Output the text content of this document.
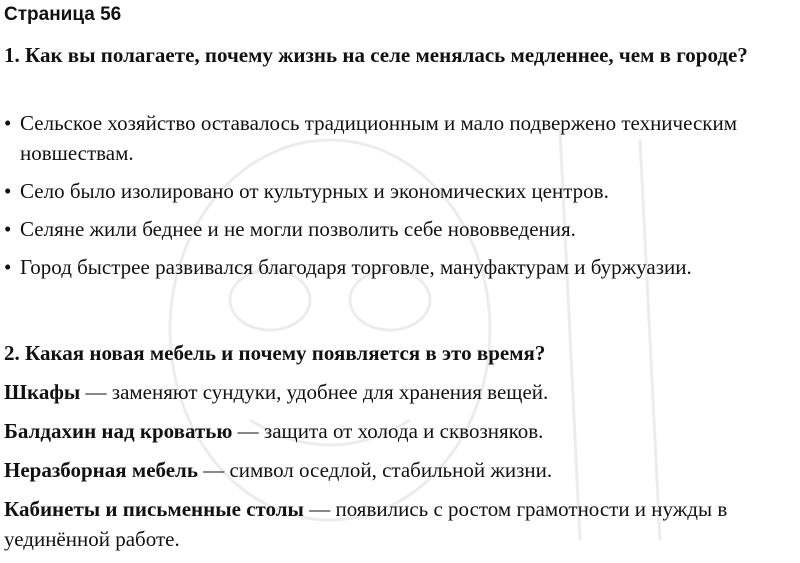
Страница 56
1. Как вы полагаете, почему жизнь на селе менялась медленнее, чем в городе?
• Сельское хозяйство оставалось традиционным и мало подвержено техническим новшествам.
• Село было изолировано от культурных и экономических центров.
• Селяне жили беднее и не могли позволить себе нововведения.
• Город быстрее развивался благодаря торговле, мануфактурам и буржуазии.
2. Какая новая мебель и почему появляется в это время?
Шкафы — заменяют сундуки, удобнее для хранения вещей.
Балдахин над кроватью — защита от холода и сквозняков.
Неразборная мебель — символ оседлой, стабильной жизни.
Кабинеты и письменные столы — появились с ростом грамотности и нужды в уединённой работе.
